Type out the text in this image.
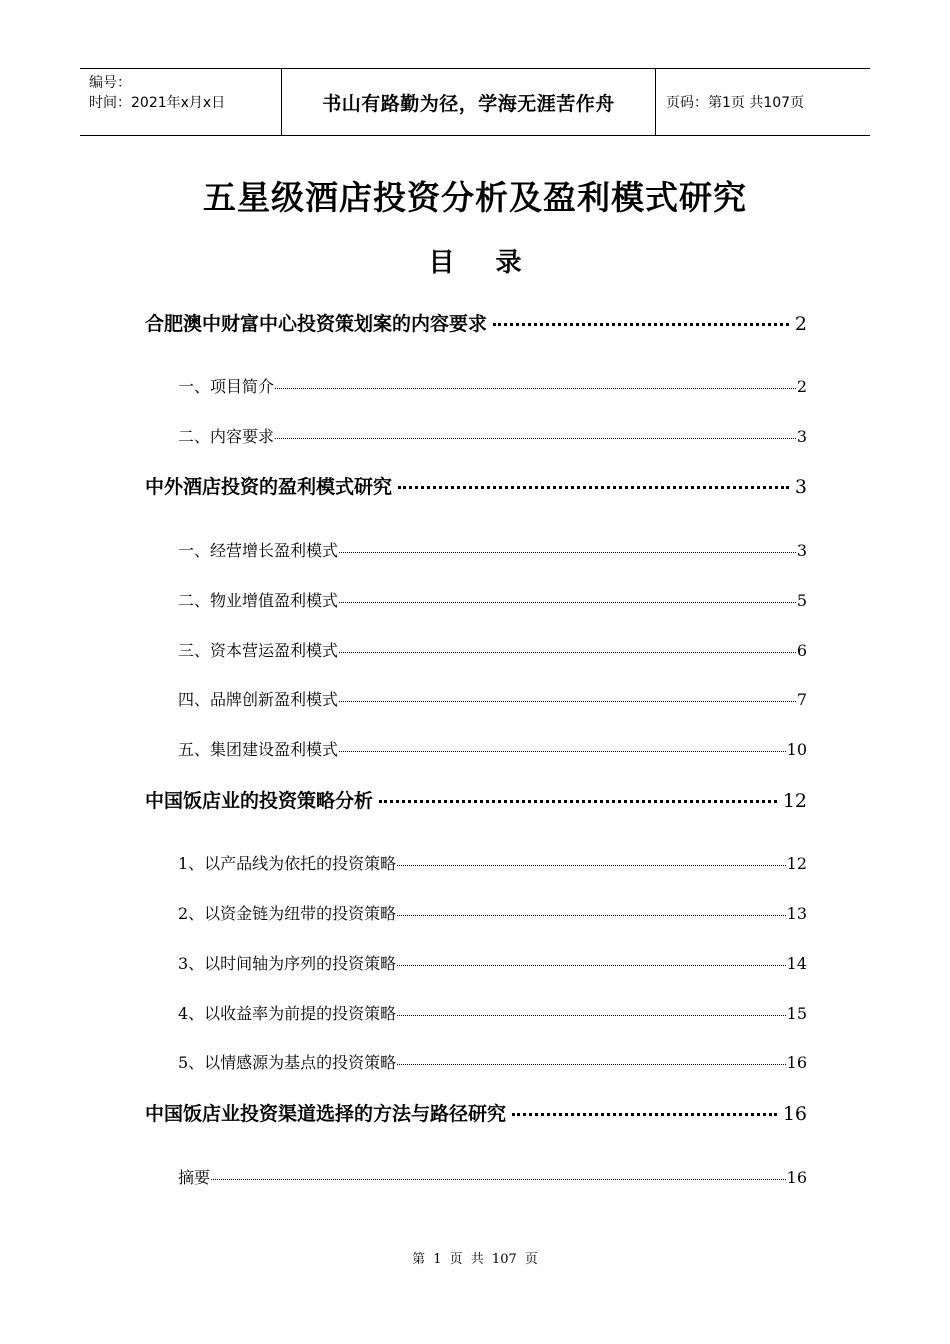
编号：
时间：2021年x月x日	书山有路勤为径，学海无涯苦作舟	页码：第1页 共107页
五星级酒店投资分析及盈利模式研究
目 录
合肥澳中财富中心投资策划案的内容要求	2
一、项目简介	2
二、内容要求	3
中外酒店投资的盈利模式研究	3
一、经营增长盈利模式	3
二、物业增值盈利模式	5
三、资本营运盈利模式	6
四、品牌创新盈利模式	7
五、集团建设盈利模式	10
中国饭店业的投资策略分析	12
1、以产品线为依托的投资策略	12
2、以资金链为纽带的投资策略	13
3、以时间轴为序列的投资策略	14
4、以收益率为前提的投资策略	15
5、以情感源为基点的投资策略	16
中国饭店业投资渠道选择的方法与路径研究	16
摘要	16
第 1 页 共 107 页
